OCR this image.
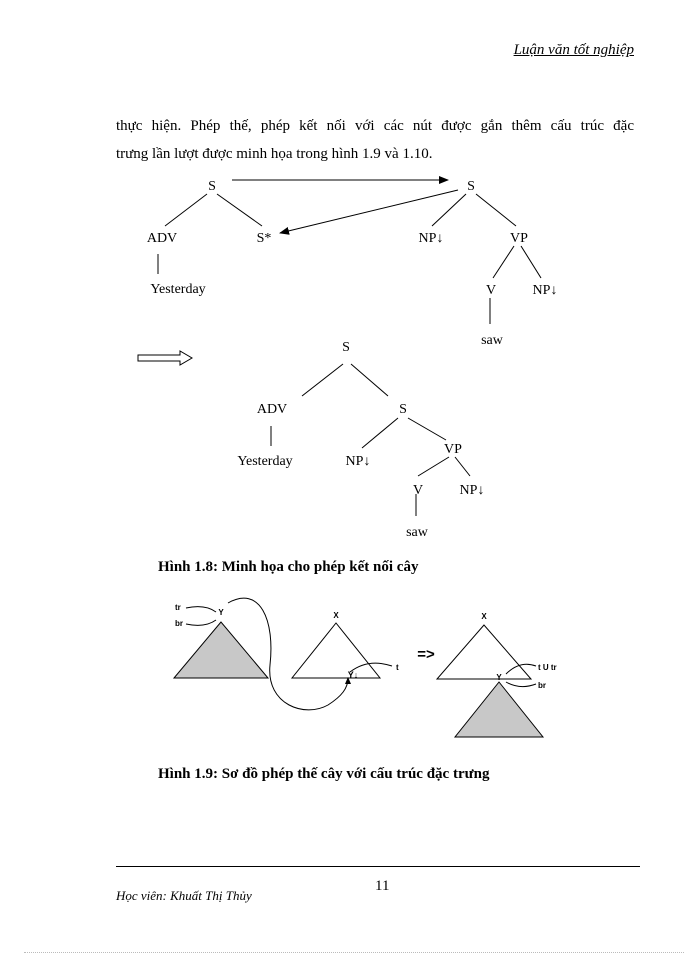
Luận văn tốt nghiệp
thực hiện. Phép thế, phép kết nối với các nút được gắn thêm cấu trúc đặc
trưng lần lượt được minh họa trong hình 1.9 và 1.10.
S
ADV	S*
Yesterday
S
NP↓	VP
V	NP↓
saw
S
ADV
Yesterday
S
NP↓
VP
V	NP↓
saw
Y
tr
br
X
Y↓
t
=>
X
Y
t U tr
br
Hình 1.8: Minh họa cho phép kết nối cây
Hình 1.9: Sơ đồ phép thế cây với cấu trúc đặc trưng
Học viên: Khuất Thị Thủy
11
